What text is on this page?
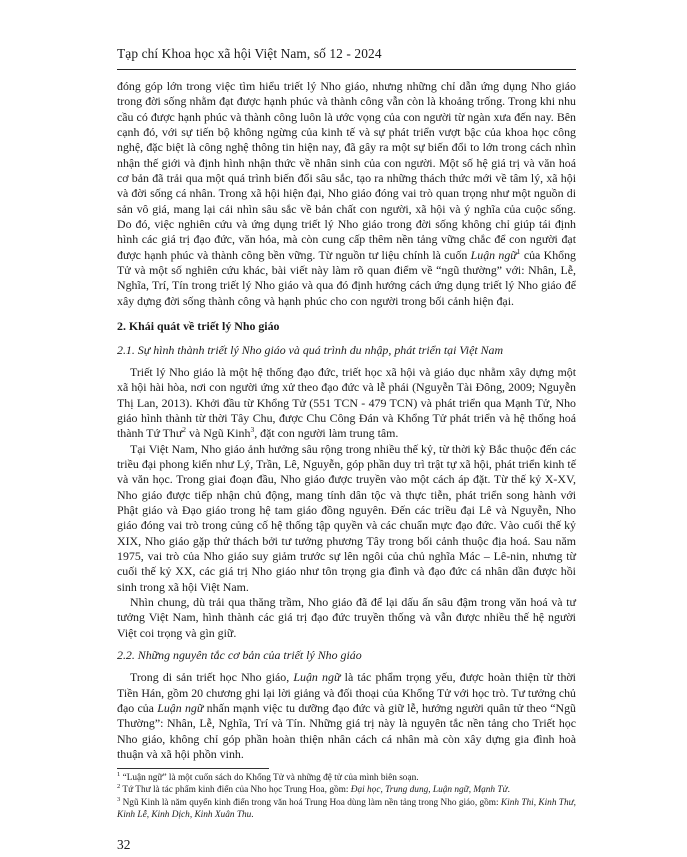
Tạp chí Khoa học xã hội Việt Nam, số 12 - 2024

đóng góp lớn trong việc tìm hiểu triết lý Nho giáo, nhưng những chỉ dẫn ứng dụng Nho giáo trong đời sống nhằm đạt được hạnh phúc và thành công vẫn còn là khoảng trống. Trong khi nhu cầu có được hạnh phúc và thành công luôn là ước vọng của con người từ ngàn xưa đến nay. Bên cạnh đó, với sự tiến bộ không ngừng của kinh tế và sự phát triển vượt bậc của khoa học công nghệ, đặc biệt là công nghệ thông tin hiện nay, đã gây ra một sự biến đổi to lớn trong cách nhìn nhận thế giới và định hình nhận thức về nhân sinh của con người. Một số hệ giá trị và văn hoá cơ bản đã trải qua một quá trình biến đổi sâu sắc, tạo ra những thách thức mới về tâm lý, xã hội và đời sống cá nhân. Trong xã hội hiện đại, Nho giáo đóng vai trò quan trọng như một nguồn di sản vô giá, mang lại cái nhìn sâu sắc về bản chất con người, xã hội và ý nghĩa của cuộc sống. Do đó, việc nghiên cứu và ứng dụng triết lý Nho giáo trong đời sống không chỉ giúp tái định hình các giá trị đạo đức, văn hóa, mà còn cung cấp thêm nền tảng vững chắc để con người đạt được hạnh phúc và thành công bền vững. Từ nguồn tư liệu chính là cuốn Luận ngữ$^1$ của Khổng Tử và một số nghiên cứu khác, bài viết này làm rõ quan điểm về “ngũ thường” với: Nhân, Lễ, Nghĩa, Trí, Tín trong triết lý Nho giáo và qua đó định hướng cách ứng dụng triết lý Nho giáo để xây dựng đời sống thành công và hạnh phúc cho con người trong bối cảnh hiện đại.

2. Khái quát về triết lý Nho giáo

2.1. Sự hình thành triết lý Nho giáo và quá trình du nhập, phát triển tại Việt Nam

Triết lý Nho giáo là một hệ thống đạo đức, triết học xã hội và giáo dục nhằm xây dựng một xã hội hài hòa, nơi con người ứng xử theo đạo đức và lễ phái (Nguyễn Tài Đông, 2009; Nguyễn Thị Lan, 2013). Khởi đầu từ Khổng Tử (551 TCN - 479 TCN) và phát triển qua Mạnh Tử, Nho giáo hình thành từ thời Tây Chu, được Chu Công Đán và Khổng Tử phát triển và hệ thống hoá thành Tứ Thư$^2$ và Ngũ Kinh$^3$, đặt con người làm trung tâm.

Tại Việt Nam, Nho giáo ảnh hưởng sâu rộng trong nhiều thế kỷ, từ thời kỳ Bắc thuộc đến các triều đại phong kiến như Lý, Trần, Lê, Nguyễn, góp phần duy trì trật tự xã hội, phát triển kinh tế và văn học. Trong giai đoạn đầu, Nho giáo được truyền vào một cách áp đặt. Từ thế kỷ X-XV, Nho giáo được tiếp nhận chủ động, mang tính dân tộc và thực tiễn, phát triển song hành với Phật giáo và Đạo giáo trong hệ tam giáo đồng nguyên. Đến các triều đại Lê và Nguyễn, Nho giáo đóng vai trò trong củng cố hệ thống tập quyền và các chuẩn mực đạo đức. Vào cuối thế kỷ XIX, Nho giáo gặp thử thách bởi tư tưởng phương Tây trong bối cảnh thuộc địa hoá. Sau năm 1975, vai trò của Nho giáo suy giảm trước sự lên ngôi của chủ nghĩa Mác – Lê-nin, nhưng từ cuối thế kỷ XX, các giá trị Nho giáo như tôn trọng gia đình và đạo đức cá nhân dần được hồi sinh trong xã hội Việt Nam.

Nhìn chung, dù trải qua thăng trầm, Nho giáo đã để lại dấu ấn sâu đậm trong văn hoá và tư tưởng Việt Nam, hình thành các giá trị đạo đức truyền thống và vẫn được nhiều thế hệ người Việt coi trọng và gìn giữ.

2.2. Những nguyên tắc cơ bản của triết lý Nho giáo

Trong di sản triết học Nho giáo, Luận ngữ là tác phẩm trọng yếu, được hoàn thiện từ thời Tiền Hán, gồm 20 chương ghi lại lời giảng và đối thoại của Khổng Tử với học trò. Tư tưởng chủ đạo của Luận ngữ nhấn mạnh việc tu dưỡng đạo đức và giữ lễ, hướng người quân tử theo “Ngũ Thường”: Nhân, Lễ, Nghĩa, Trí và Tín. Những giá trị này là nguyên tắc nền tảng cho Triết học Nho giáo, không chỉ góp phần hoàn thiện nhân cách cá nhân mà còn xây dựng gia đình hoà thuận và xã hội phồn vinh.

$^1$ “Luận ngữ” là một cuốn sách do Khổng Tử và những đệ tử của mình biên soạn.

$^2$ Tứ Thư là tác phẩm kinh điển của Nho học Trung Hoa, gồm: Đại học, Trung dung, Luận ngữ, Mạnh Tử.

$^3$ Ngũ Kinh là năm quyển kinh điển trong văn hoá Trung Hoa dùng làm nền tảng trong Nho giáo, gồm: Kinh Thi, Kinh Thư, Kinh Lễ, Kinh Dịch, Kinh Xuân Thu.

32
